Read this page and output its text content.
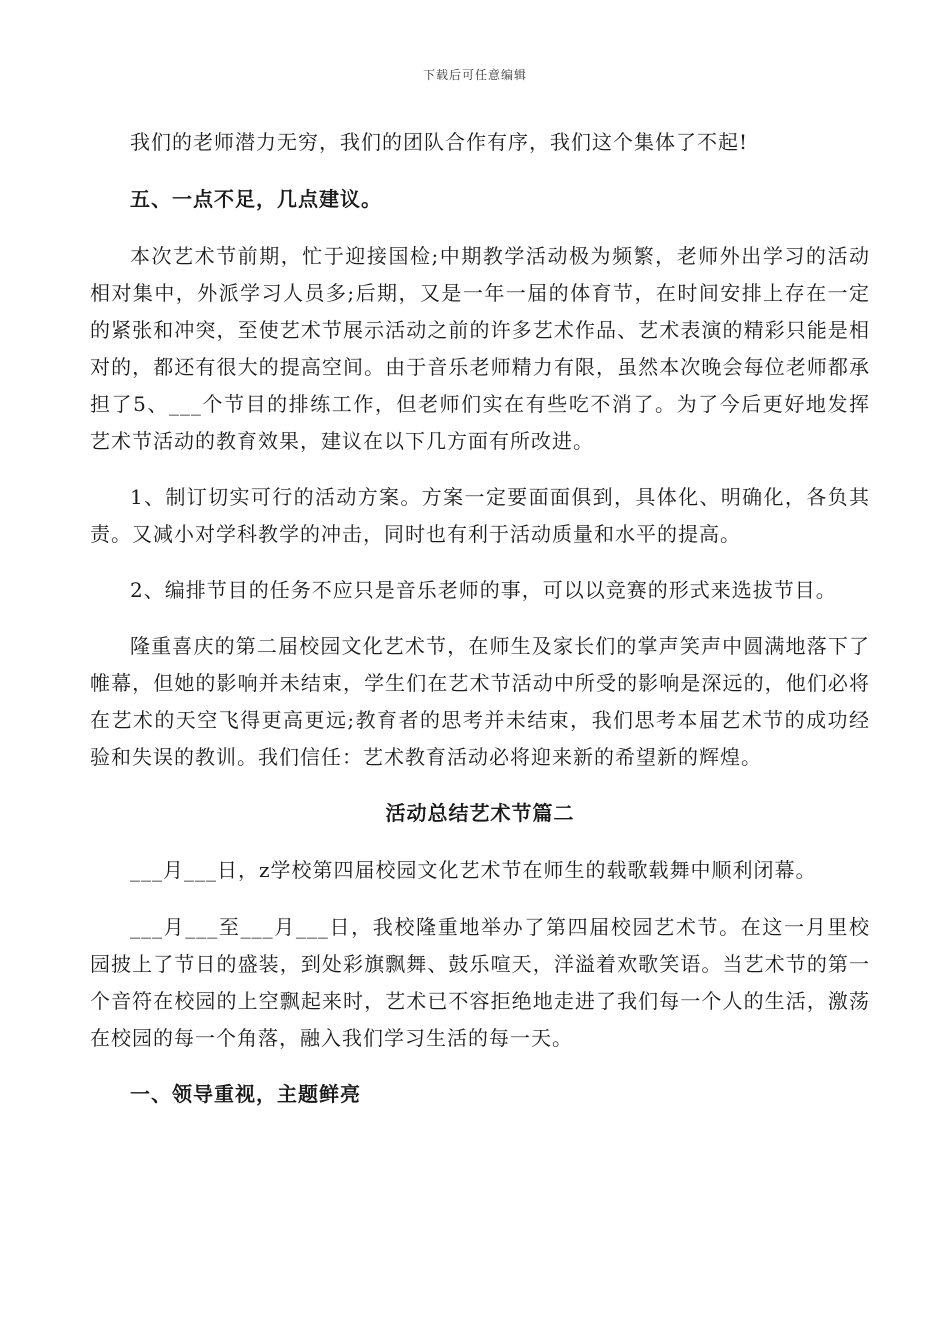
下载后可任意编辑

我们的老师潜力无穷，我们的团队合作有序，我们这个集体了不起!

五、一点不足，几点建议。

本次艺术节前期，忙于迎接国检;中期教学活动极为频繁，老师外出学习的活动相对集中，外派学习人员多;后期，又是一年一届的体育节，在时间安排上存在一定的紧张和冲突，至使艺术节展示活动之前的许多艺术作品、艺术表演的精彩只能是相对的，都还有很大的提高空间。由于音乐老师精力有限，虽然本次晚会每位老师都承担了5、___个节目的排练工作，但老师们实在有些吃不消了。为了今后更好地发挥艺术节活动的教育效果，建议在以下几方面有所改进。

1、制订切实可行的活动方案。方案一定要面面俱到，具体化、明确化，各负其责。又减小对学科教学的冲击，同时也有利于活动质量和水平的提高。

2、编排节目的任务不应只是音乐老师的事，可以以竞赛的形式来选拔节目。

隆重喜庆的第二届校园文化艺术节，在师生及家长们的掌声笑声中圆满地落下了帷幕，但她的影响并未结束，学生们在艺术节活动中所受的影响是深远的，他们必将在艺术的天空飞得更高更远;教育者的思考并未结束，我们思考本届艺术节的成功经验和失误的教训。我们信任：艺术教育活动必将迎来新的希望新的辉煌。

活动总结艺术节篇二

___月___日，z学校第四届校园文化艺术节在师生的载歌载舞中顺利闭幕。

___月___至___月___日，我校隆重地举办了第四届校园艺术节。在这一月里校园披上了节日的盛装，到处彩旗飘舞、鼓乐喧天，洋溢着欢歌笑语。当艺术节的第一个音符在校园的上空飘起来时，艺术已不容拒绝地走进了我们每一个人的生活，激荡在校园的每一个角落，融入我们学习生活的每一天。

一、领导重视，主题鲜亮
